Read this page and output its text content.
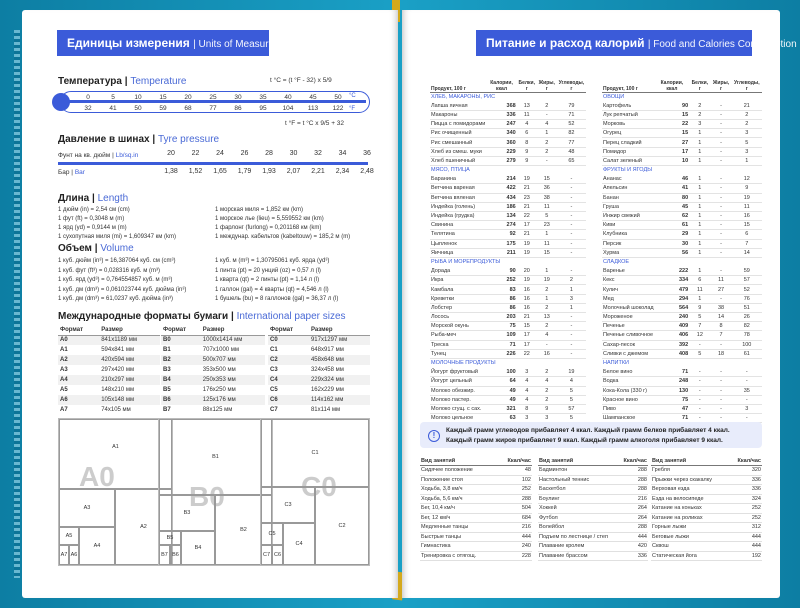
Единицы измерения | Units of Measurement
Температура | Temperature	t °C = (t °F - 32) x 5/9
0	5	10	15	20	25	30	35	40	45	50
32	41	50	59	68	77	86	95	104	113	122
°C
°F
t °F = t °C x 9/5 + 32
Давление в шинах | Tyre pressure
Фунт на кв. дюйм | Lb/sq.in	20	22	24	26	28	30	32	34	36
Бар | Bar	1,38	1,52	1,65	1,79	1,93	2,07	2,21	2,34	2,48
Длина | Length
1 дюйм (in) = 2,54 см (cm)
1 фут (ft) = 0,3048 м (m)
1 ярд (yd) = 0,9144 м (m)
1 сухопутная миля (mi) = 1,609347 км (km)
1 морская миля = 1,852 км (km)
1 морское лье (lieu) = 5,559552 км (km)
1 фарлонг (furlong) = 0,201168 км (km)
1 междунар. кабельтов (kabeltouw) = 185,2 м (m)
Объем | Volume
1 куб. дюйм (in³) = 16,387064 куб. см (cm³)
1 куб. фут (ft³) = 0,028316 куб. м (m³)
1 куб. ярд (yd³) = 0,764554857 куб. м (m³)
1 куб. дм (dm³) = 0,061023744 куб. дюйма (in³)
1 куб. дм (dm³) = 61,0237 куб. дюйма (in³)
1 куб. м (m³) = 1,30795061 куб. ярда (yd³)
1 пинта (pt) = 20 унций (oz) = 0,57 л (l)
1 кварта (qt) = 2 пинты (pt) = 1,14 л (l)
1 галлон (gal) = 4 кварты (qt) = 4,546 л (l)
1 бушель (bu) = 8 галлонов (gal) = 36,37 л (l)
Международные форматы бумаги | International paper sizes
Формат	Размер
A0	841x1189 мм
A1	594x841 мм
A2	420x594 мм
A3	297x420 мм
A4	210x297 мм
A5	148x210 мм
A6	105x148 мм
A7	74x105 мм
Формат	Размер
B0	1000x1414 мм
B1	707x1000 мм
B2	500x707 мм
B3	353x500 мм
B4	250x353 мм
B5	176x250 мм
B6	125x176 мм
B7	88x125 мм
Формат	Размер
C0	917x1297 мм
C1	648x917 мм
C2	458x648 мм
C3	324x458 мм
C4	229x324 мм
C5	162x229 мм
C6	114x162 мм
C7	81x114 мм
A0
A1
A2
A3
A4
A5
A6
A7
B0
B1
B2
B3
B4
B5
B6
B7
C0
C1
C2
C3
C4
C5
C6
C7
Питание и расход калорий | Food and Calories Consumption
Продукт, 100 г	Калории, ккал	Белки, г	Жиры, г	Углеводы, г
ХЛЕБ, МАКАРОНЫ, РИС				
Лапша яичная	368	13	2	79
Макароны	336	11	-	71
Пицца с помидорами	247	4	4	52
Рис очищенный	340	6	1	82
Рис смешанный	360	8	2	77
Хлеб из смеш. муки	229	9	2	48
Хлеб пшеничный	279	9	-	65
МЯСО, ПТИЦА				
Баранина	214	19	15	-
Ветчина вареная	422	21	36	-
Ветчина вяленая	434	23	38	-
Индейка (голень)	186	21	11	-
Индейка (грудка)	134	22	5	-
Свинина	274	17	23	-
Телятина	92	21	1	-
Цыпленок	175	19	11	-
Яичница	211	19	15	-
РЫБА И МОРЕПРОДУКТЫ				
Дорада	90	20	1	-
Икра	252	19	19	2
Камбала	83	16	2	1
Креветки	86	16	1	3
Лобстер	86	16	2	1
Лосось	203	21	13	-
Морской окунь	75	15	2	-
Рыба-меч	109	17	4	-
Треска	71	17	-	-
Тунец	226	22	16	-
МОЛОЧНЫЕ ПРОДУКТЫ				
Йогурт фруктовый	100	3	2	19
Йогурт цельный	64	4	4	4
Молоко обезжир.	49	4	2	5
Молоко пастер.	49	4	2	5
Молоко сгущ. с сах.	321	8	9	57
Молоко цельное	63	3	3	5
Продукт, 100 г	Калории, ккал	Белки, г	Жиры, г	Углеводы, г
ОВОЩИ				
Картофель	90	2	-	21
Лук репчатый	15	2	-	2
Морковь	22	3	-	2
Огурец	15	1	-	3
Перец сладкий	27	1	-	5
Помидор	17	1	-	3
Салат зеленый	10	1	-	1
ФРУКТЫ И ЯГОДЫ				
Ананас	46	1	-	12
Апельсин	41	1	-	9
Банан	80	1	-	19
Груша	45	1	-	11
Инжир свежий	62	1	-	16
Киви	61	1	-	15
Клубника	29	1	-	6
Персик	30	1	-	7
Хурма	56	1	-	14
СЛАДКОЕ				
Варенье	222	1	-	59
Кекс	334	6	11	57
Кулич	479	11	27	52
Мед	294	1	-	76
Молочный шоколад	564	9	38	51
Мороженое	240	5	14	26
Печенье	409	7	8	82
Печенье сливочное	406	12	7	78
Сахар-песок	392	-	-	100
Сливки с джемом	408	5	18	61
НАПИТКИ				
Белое вино	71	-	-	-
Водка	248	-	-	-
Кока-Кола (330 г)	130	-	-	35
Красное вино	75	-	-	-
Пиво	47	-	-	3
Шампанское	71	-	-	-
Каждый грамм углеводов прибавляет 4 ккал. Каждый грамм белков прибавляет 4 ккал.
Каждый грамм жиров прибавляет 9 ккал. Каждый грамм алкоголя прибавляет 9 ккал.
!
Вид занятий	Ккал/час
Сидячее положение	48
Положение стоя	102
Ходьба, 3,8 км/ч	252
Ходьба, 5,6 км/ч	288
Бег, 10,4 км/ч	504
Бег, 12 км/ч	684
Медленные танцы	216
Быстрые танцы	444
Гимнастика	240
Тренировка с отягощ.	228
Вид занятий	Ккал/час
Бадминтон	288
Настольный теннис	288
Баскетбол	288
Боулинг	216
Хоккей	264
Футбол	264
Волейбол	288
Подъем по лестнице / степ	444
Плавание кролем	420
Плавание брассом	336
Вид занятий	Ккал/час
Гребля	320
Прыжки через скакалку	336
Верховая езда	336
Езда на велосипеде	324
Катание на коньках	252
Катание на роликах	252
Горные лыжи	312
Беговые лыжи	444
Сквош	444
Статическая йога	192
